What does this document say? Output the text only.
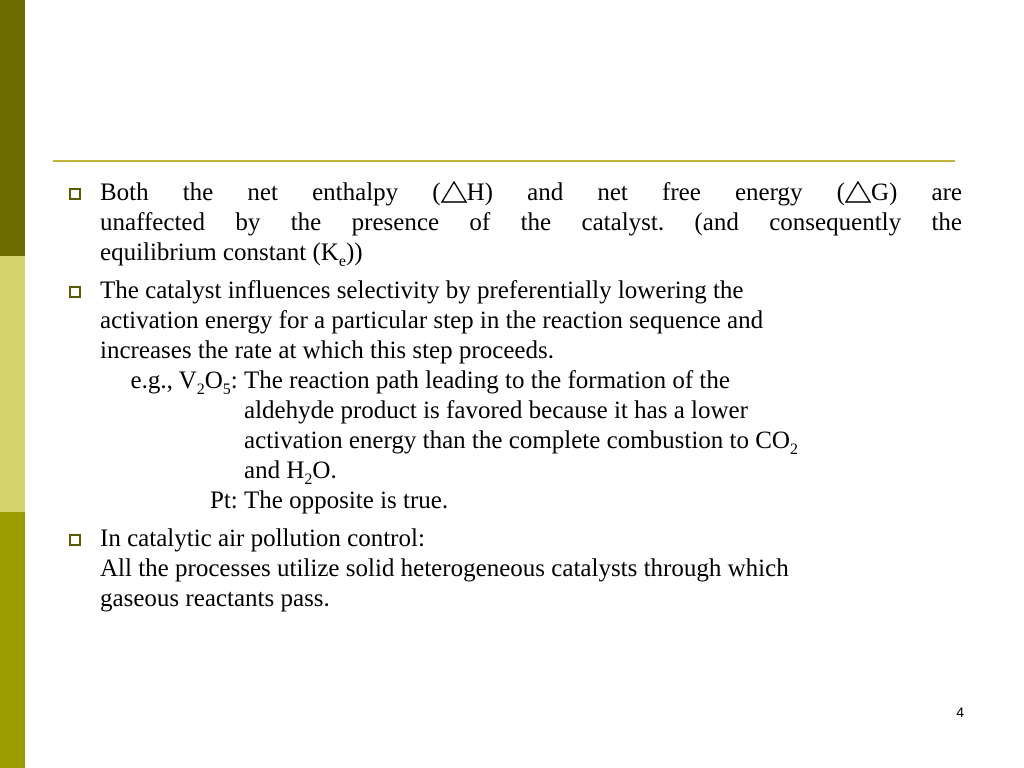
Both the net enthalpy ( H) and net free energy ( G) are
unaffected by the presence of the catalyst. (and consequently the
equilibrium constant $(K_e)$)
The catalyst influences selectivity by preferentially lowering the
activation energy for a particular step in the reaction sequence and
increases the rate at which this step proceeds.
e.g., $V_2O_5$: The reaction path leading to the formation of the
aldehyde product is favored because it has a lower
activation energy than the complete combustion to $CO_2$
and $H_2O$.
Pt: The opposite is true.
In catalytic air pollution control:
All the processes utilize solid heterogeneous catalysts through which
gaseous reactants pass.
4
